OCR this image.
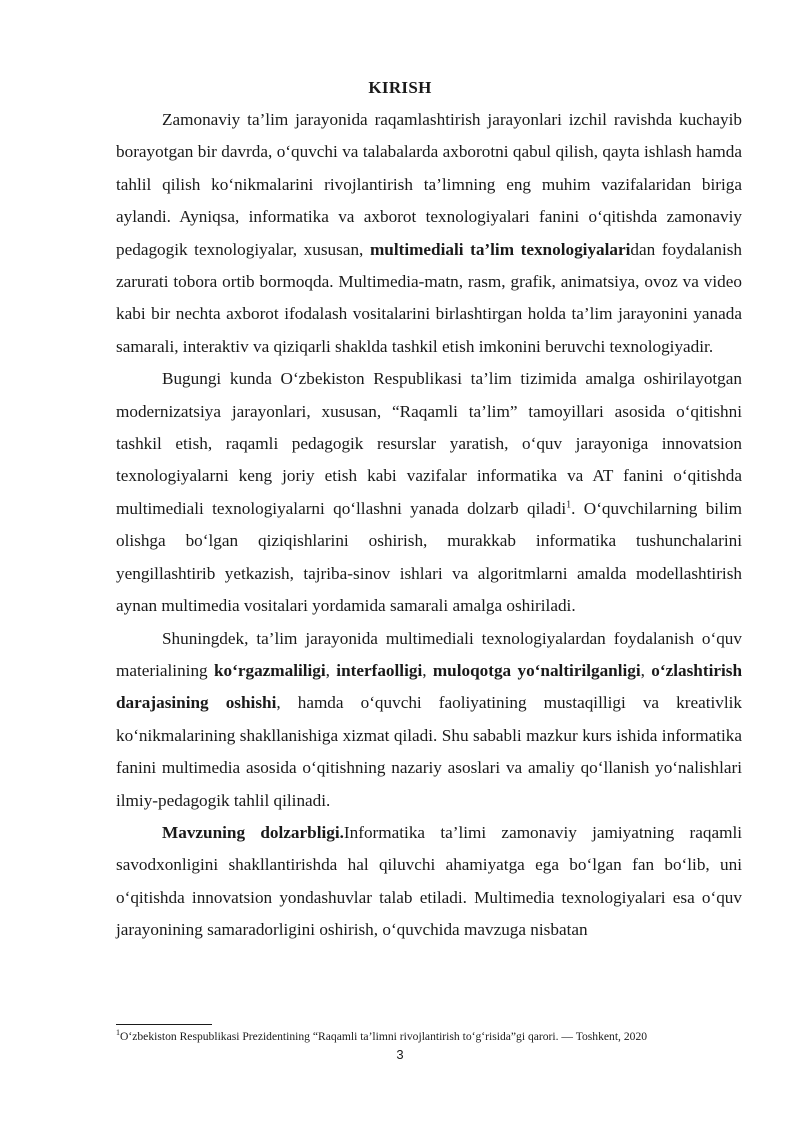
KIRISH

Zamonaviy ta’lim jarayonida raqamlashtirish jarayonlari izchil ravishda kuchayib borayotgan bir davrda, o‘quvchi va talabalarda axborotni qabul qilish, qayta ishlash hamda tahlil qilish ko‘nikmalarini rivojlantirish ta’limning eng muhim vazifalaridan biriga aylandi. Ayniqsa, informatika va axborot texnologiyalari fanini o‘qitishda zamonaviy pedagogik texnologiyalar, xususan, multimediali ta’lim texnologiyalaridan foydalanish zarurati tobora ortib bormoqda. Multimedia-matn, rasm, grafik, animatsiya, ovoz va video kabi bir nechta axborot ifodalash vositalarini birlashtirgan holda ta’lim jarayonini yanada samarali, interaktiv va qiziqarli shaklda tashkil etish imkonini beruvchi texnologiyadir.

Bugungi kunda O‘zbekiston Respublikasi ta’lim tizimida amalga oshirilayotgan modernizatsiya jarayonlari, xususan, “Raqamli ta’lim” tamoyillari asosida o‘qitishni tashkil etish, raqamli pedagogik resurslar yaratish, o‘quv jarayoniga innovatsion texnologiyalarni keng joriy etish kabi vazifalar informatika va AT fanini o‘qitishda multimediali texnologiyalarni qo‘llashni yanada dolzarb qiladi$^1$. O‘quvchilarning bilim olishga bo‘lgan qiziqishlarini oshirish, murakkab informatika tushunchalarini yengillashtirib yetkazish, tajriba-sinov ishlari va algoritmlarni amalda modellashtirish aynan multimedia vositalari yordamida samarali amalga oshiriladi.

Shuningdek, ta’lim jarayonida multimediali texnologiyalardan foydalanish o‘quv materialining ko‘rgazmaliligi, interfaolligi, muloqotga yo‘naltirilganligi, o‘zlashtirish darajasining oshishi, hamda o‘quvchi faoliyatining mustaqilligi va kreativlik ko‘nikmalarining shakllanishiga xizmat qiladi. Shu sababli mazkur kurs ishida informatika fanini multimedia asosida o‘qitishning nazariy asoslari va amaliy qo‘llanish yo‘nalishlari ilmiy-pedagogik tahlil qilinadi.

Mavzuning dolzarbligi.Informatika ta’limi zamonaviy jamiyatning raqamli savodxonligini shakllantirishda hal qiluvchi ahamiyatga ega bo‘lgan fan bo‘lib, uni o‘qitishda innovatsion yondashuvlar talab etiladi. Multimedia texnologiyalari esa o‘quv jarayonining samaradorligini oshirish, o‘quvchida mavzuga nisbatan

$^1$O‘zbekiston Respublikasi Prezidentining “Raqamli ta’limni rivojlantirish to‘g‘risida”gi qarori. — Toshkent, 2020
3
